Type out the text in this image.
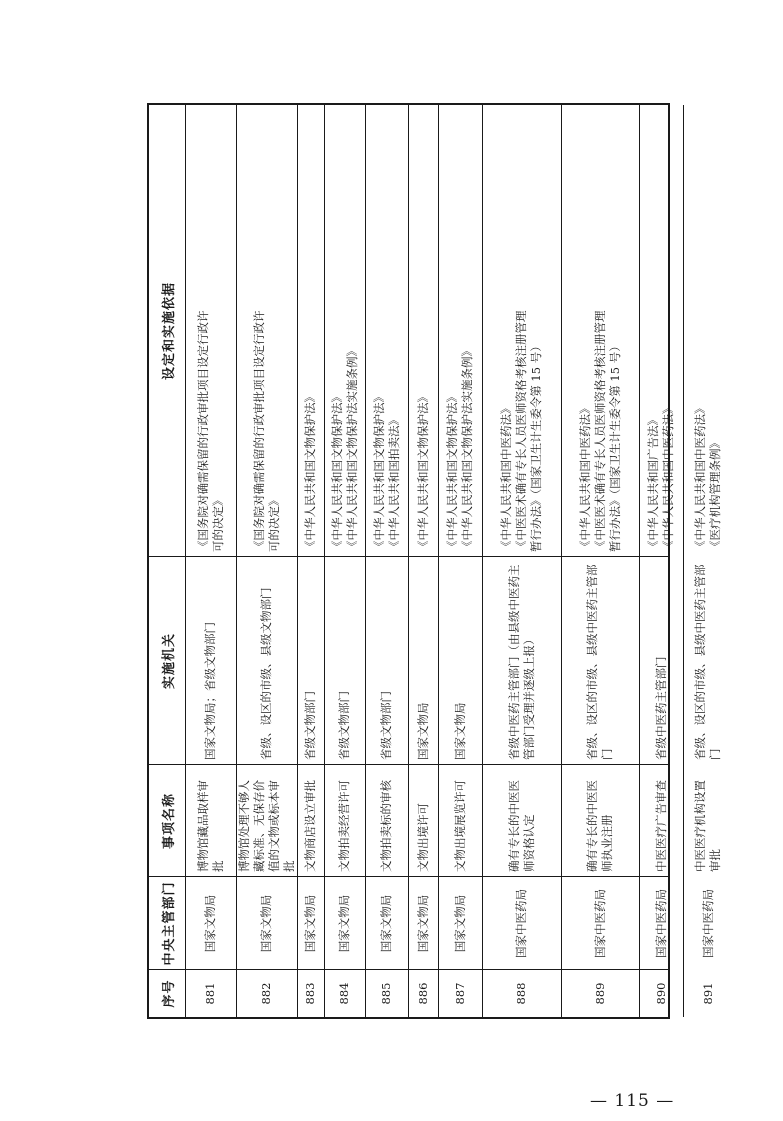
序号
中央主管部门
事项名称
实施机关
设定和实施依据
881
国家文物局
博物馆藏品取样审批
国家文物局；省级文物部门
《国务院对确需保留的行政审批项目设定行政许 可的决定》
882
国家文物局
博物馆处理不够人藏标准、无保存价值的文物或标本审批
省级、设区的市级、县级文物部门
《国务院对确需保留的行政审批项目设定行政许 可的决定》
883
国家文物局
文物商店设立审批
省级文物部门
《中华人民共和国文物保护法》
884
国家文物局
文物拍卖经营许可
省级文物部门
《中华人民共和国文物保护法》 《中华人民共和国文物保护法实施条例》
885
国家文物局
文物拍卖标的审核
省级文物部门
《中华人民共和国文物保护法》 《中华人民共和国拍卖法》
886
国家文物局
文物出境许可
国家文物局
《中华人民共和国文物保护法》
887
国家文物局
文物出境展览许可
国家文物局
《中华人民共和国文物保护法》 《中华人民共和国文物保护法实施条例》
888
国家中医药局
确有专长的中医医师资格认定
省级中医药主管部门（由县级中医药主管部门受理并逐级上报）
《中华人民共和国中医药法》 《中医医术确有专长人员医师资格考核注册管理 暂行办法》（国家卫生计生委令第 15 号）
889
国家中医药局
确有专长的中医医师执业注册
省级、设区的市级、县级中医药主管部门
《中华人民共和国中医药法》 《中医医术确有专长人员医师资格考核注册管理 暂行办法》（国家卫生计生委令第 15 号）
890
国家中医药局
中医医疗广告审查
省级中医药主管部门
《中华人民共和国广告法》 《中华人民共和国中医药法》
891
国家中医药局
中医医疗机构设置审批
省级、设区的市级、县级中医药主管部门
《中华人民共和国中医药法》 《医疗机构管理条例》
— 115 —
